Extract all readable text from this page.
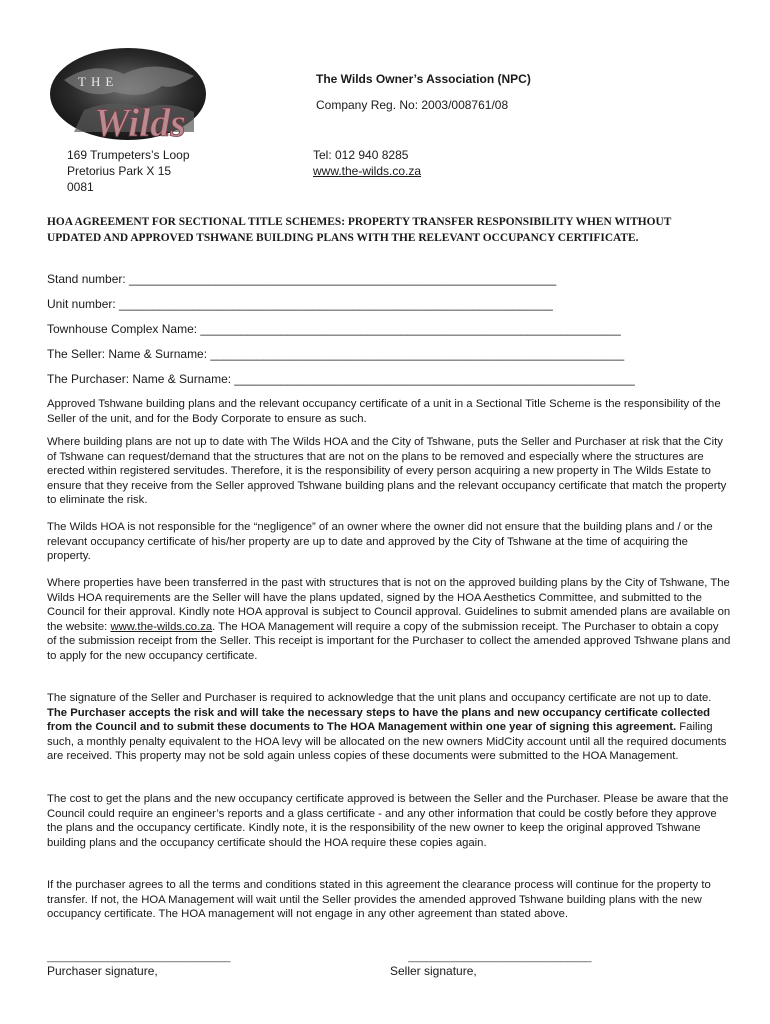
THE
Wilds
The Wilds Owner’s Association (NPC)
Company Reg. No: 2003/008761/08
169 Trumpeters’s Loop
Pretorius Park X 15
0081
Tel: 012 940 8285
www.the-wilds.co.za
HOA AGREEMENT FOR SECTIONAL TITLE SCHEMES: PROPERTY TRANSFER RESPONSIBILITY WHEN WITHOUT UPDATED AND APPROVED TSHWANE BUILDING PLANS WITH THE RELEVANT OCCUPANCY CERTIFICATE.
Stand number: ________________________________________________________________
Unit number: _________________________________________________________________
Townhouse Complex Name: _______________________________________________________________
The Seller: Name & Surname: ______________________________________________________________
The Purchaser: Name & Surname: ____________________________________________________________

Approved Tshwane building plans and the relevant occupancy certificate of a unit in a Sectional Title Scheme is the responsibility of the Seller of the unit, and for the Body Corporate to ensure as such.

Where building plans are not up to date with The Wilds HOA and the City of Tshwane, puts the Seller and Purchaser at risk that the City of Tshwane can request/demand that the structures that are not on the plans to be removed and especially where the structures are erected within registered servitudes. Therefore, it is the responsibility of every person acquiring a new property in The Wilds Estate to ensure that they receive from the Seller approved Tshwane building plans and the relevant occupancy certificate that match the property to eliminate the risk.

The Wilds HOA is not responsible for the “negligence” of an owner where the owner did not ensure that the building plans and / or the relevant occupancy certificate of his/her property are up to date and approved by the City of Tshwane at the time of acquiring the property.

Where properties have been transferred in the past with structures that is not on the approved building plans by the City of Tshwane, The Wilds HOA requirements are the Seller will have the plans updated, signed by the HOA Aesthetics Committee, and submitted to the Council for their approval. Kindly note HOA approval is subject to Council approval. Guidelines to submit amended plans are available on the website: www.the-wilds.co.za. The HOA Management will require a copy of the submission receipt. The Purchaser to obtain a copy of the submission receipt from the Seller. This receipt is important for the Purchaser to collect the amended approved Tshwane plans and to apply for the new occupancy certificate.

The signature of the Seller and Purchaser is required to acknowledge that the unit plans and occupancy certificate are not up to date. The Purchaser accepts the risk and will take the necessary steps to have the plans and new occupancy certificate collected from the Council and to submit these documents to The HOA Management within one year of signing this agreement. Failing such, a monthly penalty equivalent to the HOA levy will be allocated on the new owners MidCity account until all the required documents are received. This property may not be sold again unless copies of these documents were submitted to the HOA Management.

The cost to get the plans and the new occupancy certificate approved is between the Seller and the Purchaser. Please be aware that the Council could require an engineer’s reports and a glass certificate - and any other information that could be costly before they approve the plans and the occupancy certificate. Kindly note, it is the responsibility of the new owner to keep the original approved Tshwane building plans and the occupancy certificate should the HOA require these copies again.

If the purchaser agrees to all the terms and conditions stated in this agreement the clearance process will continue for the property to transfer. If not, the HOA Management will wait until the Seller provides the amended approved Tshwane building plans with the new occupancy certificate. The HOA management will not engage in any other agreement than stated above.

______________________________
Purchaser signature,
______________________________
Seller signature,
